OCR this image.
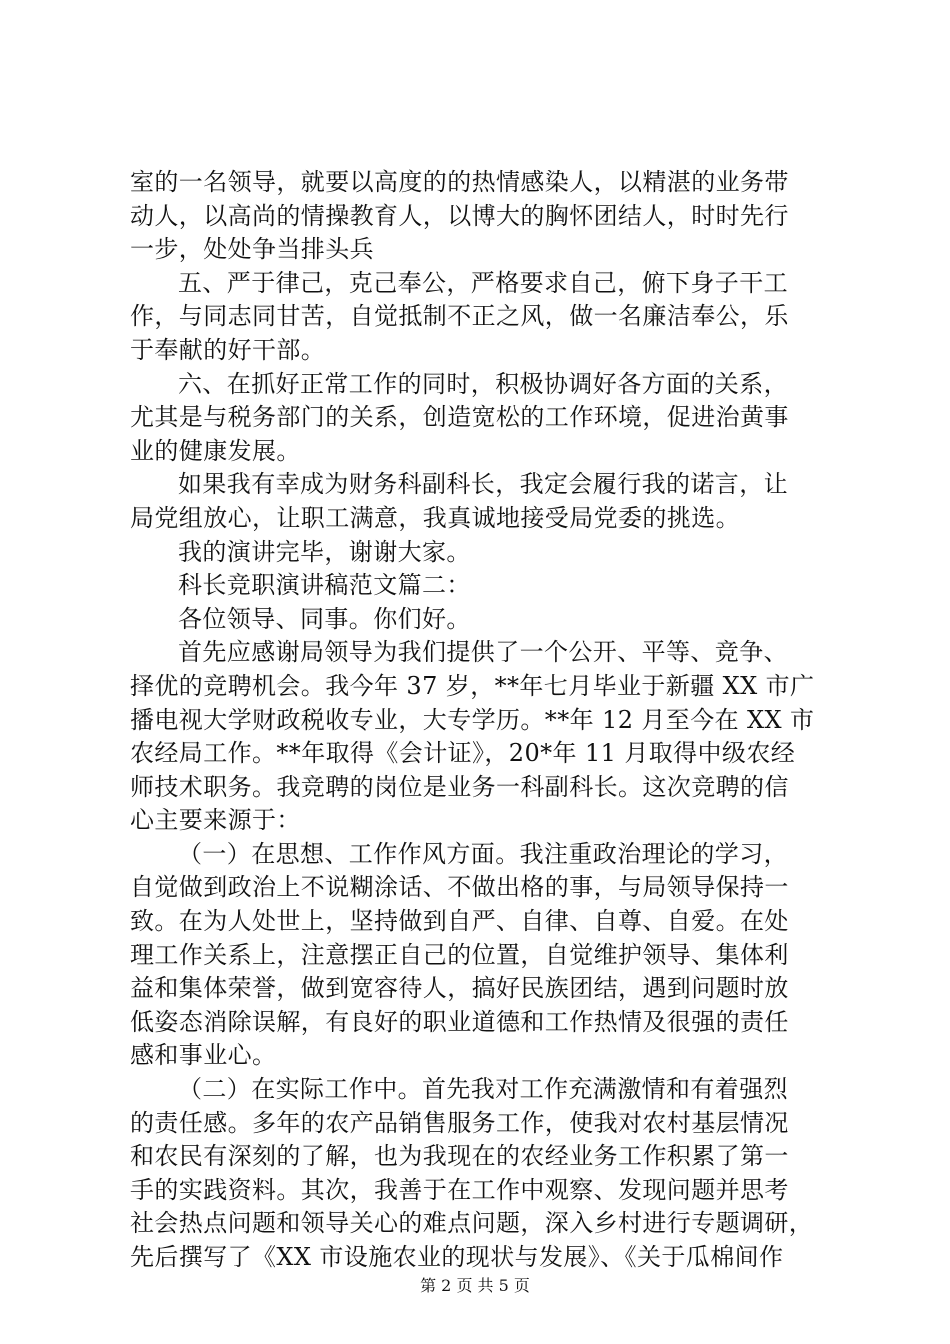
室的一名领导，就要以高度的的热情感染人，以精湛的业务带
动人，以高尚的情操教育人，以博大的胸怀团结人，时时先行
一步，处处争当排头兵
五、严于律己，克己奉公，严格要求自己，俯下身子干工
作，与同志同甘苦，自觉抵制不正之风，做一名廉洁奉公，乐
于奉献的好干部。
六、在抓好正常工作的同时，积极协调好各方面的关系，
尤其是与税务部门的关系，创造宽松的工作环境，促进治黄事
业的健康发展。
如果我有幸成为财务科副科长，我定会履行我的诺言，让
局党组放心，让职工满意，我真诚地接受局党委的挑选。
我的演讲完毕，谢谢大家。
科长竞职演讲稿范文篇二：
各位领导、同事。你们好。
首先应感谢局领导为我们提供了一个公开、平等、竞争、
择优的竞聘机会。我今年 37 岁，**年七月毕业于新疆 XX 市广
播电视大学财政税收专业，大专学历。**年 12 月至今在 XX 市
农经局工作。**年取得《会计证》，20*年 11 月取得中级农经
师技术职务。我竞聘的岗位是业务一科副科长。这次竞聘的信
心主要来源于：
（一）在思想、工作作风方面。我注重政治理论的学习，
自觉做到政治上不说糊涂话、不做出格的事，与局领导保持一
致。在为人处世上，坚持做到自严、自律、自尊、自爱。在处
理工作关系上，注意摆正自己的位置，自觉维护领导、集体利
益和集体荣誉，做到宽容待人，搞好民族团结，遇到问题时放
低姿态消除误解，有良好的职业道德和工作热情及很强的责任
感和事业心。
（二）在实际工作中。首先我对工作充满激情和有着强烈
的责任感。多年的农产品销售服务工作，使我对农村基层情况
和农民有深刻的了解，也为我现在的农经业务工作积累了第一
手的实践资料。其次，我善于在工作中观察、发现问题并思考
社会热点问题和领导关心的难点问题，深入乡村进行专题调研，
先后撰写了《XX 市设施农业的现状与发展》、《关于瓜棉间作
第 2 页 共 5 页
